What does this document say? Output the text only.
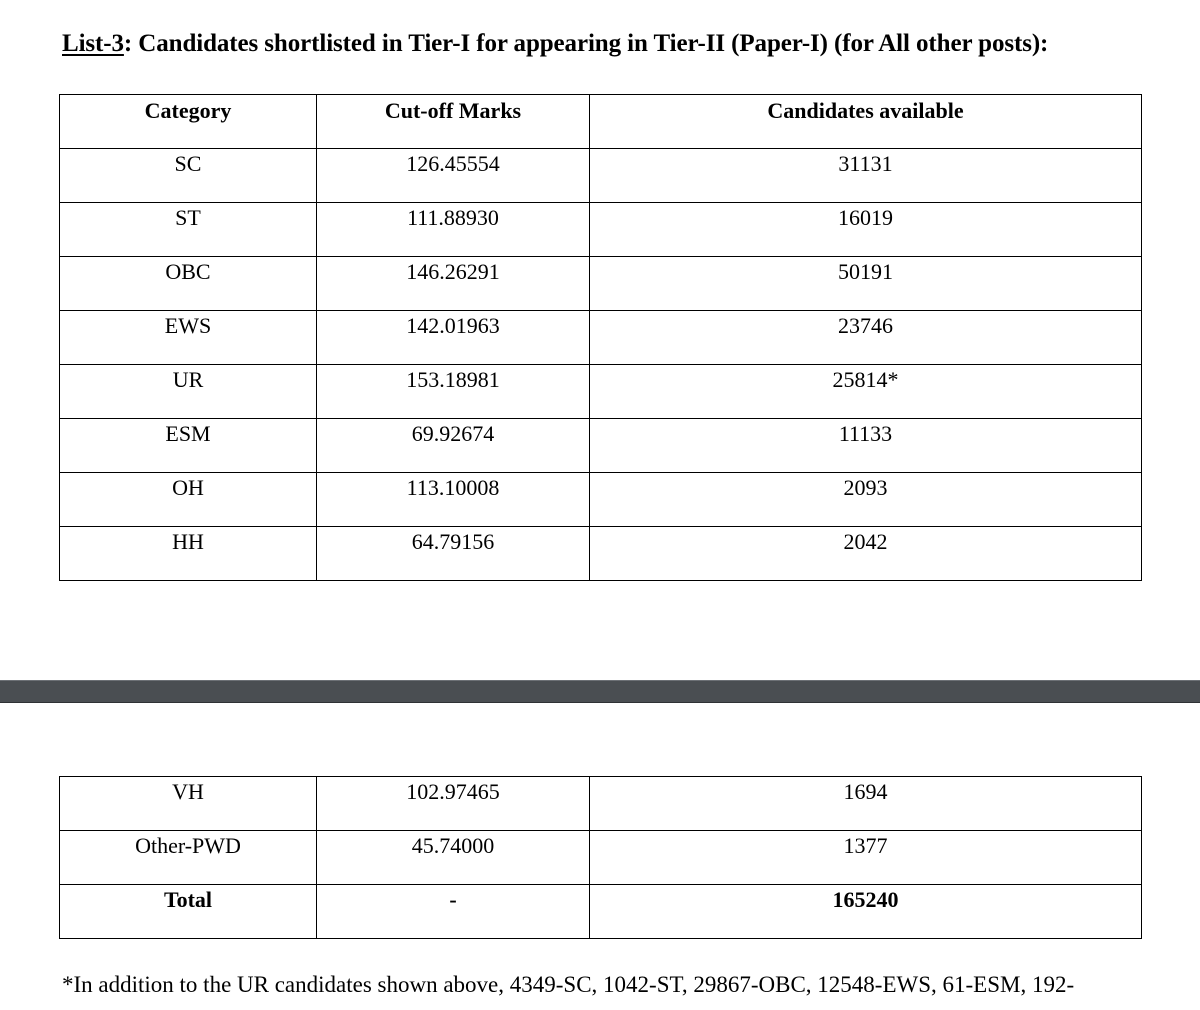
List-3: Candidates shortlisted in Tier-I for appearing in Tier-II (Paper-I) (for All other posts):
Category	Cut-off Marks	Candidates available

SC	126.45554	31131

ST	111.88930	16019

OBC	146.26291	50191

EWS	142.01963	23746

UR	153.18981	25814*

ESM	69.92674	11133

OH	113.10008	2093

HH	64.79156	2042
VH	102.97465	1694

Other-PWD	45.74000	1377

Total	-	165240
*In addition to the UR candidates shown above, 4349-SC, 1042-ST, 29867-OBC, 12548-EWS, 61-ESM, 192-
